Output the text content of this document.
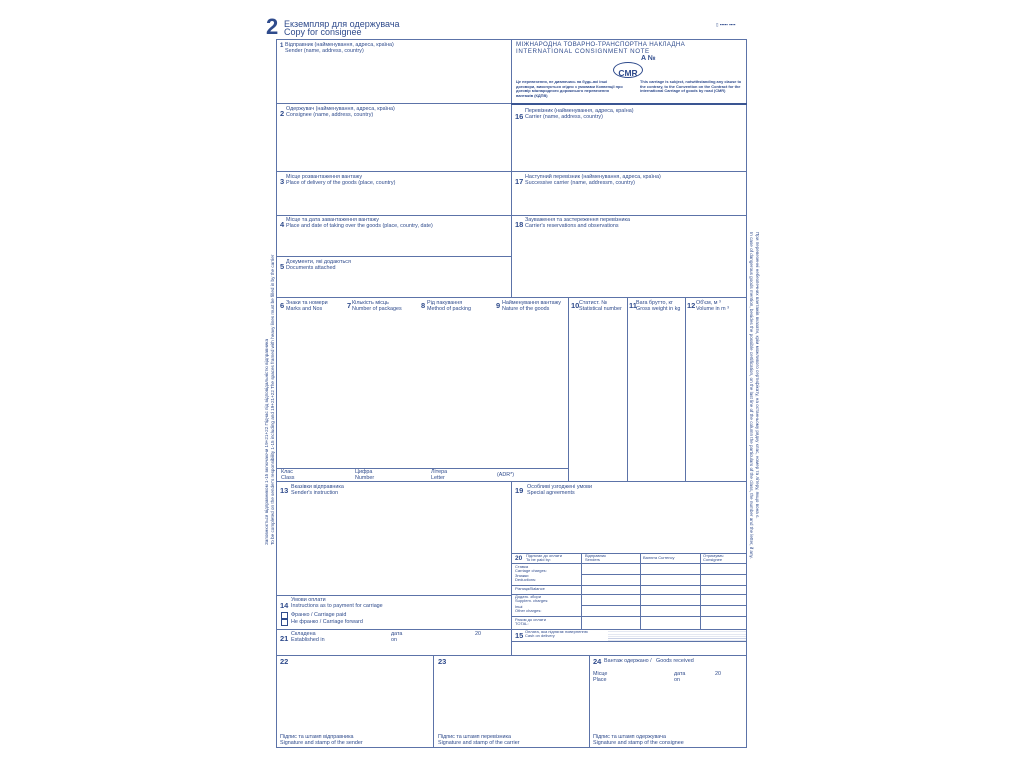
2 Екземпляр для одержувача
Copy for consignee
▯ ▪▪▪▪▪ ▪▪▪▪
МІЖНАРОДНА ТОВАРНО-ТРАНСПОРТНА НАКЛАДНА
INTERNATIONAL CONSIGNMENT NOTE
A №
CMR
Це перевезення, не дивлячись на будь-які інші договори, виконується згідно з умовами Конвенції про договір міжнародного дорожнього перевезення вантажів (КДПВ)
This carriage is subject, notwithstanding any clause to the contrary, to the Convention on the Contract for the international Carriage of goods by road (CMR)
1 Відправник (найменування, адреса, країна)
Sender (name, address, country)
2 Одержувач (найменування, адреса, країна)
Consignee (name, address, country)
3 Місце розвантаження вантажу
Place of delivery of the goods (place, country)
4 Місце та дата завантаження вантажу
Place and date of taking over the goods (place, country, date)
5 Документи, які додаються
Documents attached
16
Перевізник (найменування, адреса, країна)
Carrier (name, address, country)
17 Наступний перевізник (найменування, адреса, країна)
Successive carrier (name, addressm, country)
18 Зауваження та застереження перевізника
Carrier's reservations and observations
6 Знаки та номери
Marks and Nos	7 Кількість місць
Number of packages	8 Рід пакування
Method of packing	9 Найменування вантажу
Nature of the goods	10 Статист. №
Statistical number 11 Вага брутто, кг
Gross weight in kg 12 Об'єм, м ³
Volume in m ³
Клас
Class
Цифра
Number
Літера
Letter	(ADR*)
13 Вказівки відправника
Sender's instruction	19 Особливі узгоджені умови
Special agreements
20 Підлягає до оплати
To be paid by:
Відправник
Senders	Валюта Currency	Отримувач
Consignee
Ставка
Carriage charges:
Знижки
Deductions:
Різниця/Balance
Додатк. збори
Supplem. charges:
Інші
Other charges:
Разом до сплати
TOTAL:
14
Умови оплати
Instructions as to payment for carriage
Франко / Carriage paid
Не франко / Carriage forward
15 Оплата, яка підлягає поверненню
Cash on delivery
21 Складена
Established in
дата
on
20
22
Підпис та штамп відправника
Signature and stamp of the sender
23
Підпис та штамп перевізника
Signature and stamp of the carrier
24 Вантаж одержано / Goods received
Місце
Place
дата
on
20
Підпис та штамп одержувача
Signature and stamp of the consignee
Заповнюється відправником 1-15 включаючи 19+21+22 Підчас під відповідальністю відправника To be completed on the sender's responsibility 1-15 including and 19+21+22 The spaces framed with heavy lines must be filled in by the carrier	При перевезенні небезпечних вантажів вказати, крім можливого сертифікату, на останньому рядку клас, номер та літеру, якщо вона є.
In case of dangerous goods mention, besides the possible certification, on the last line of the column the particulars of the class, the number and the letter, if any.
